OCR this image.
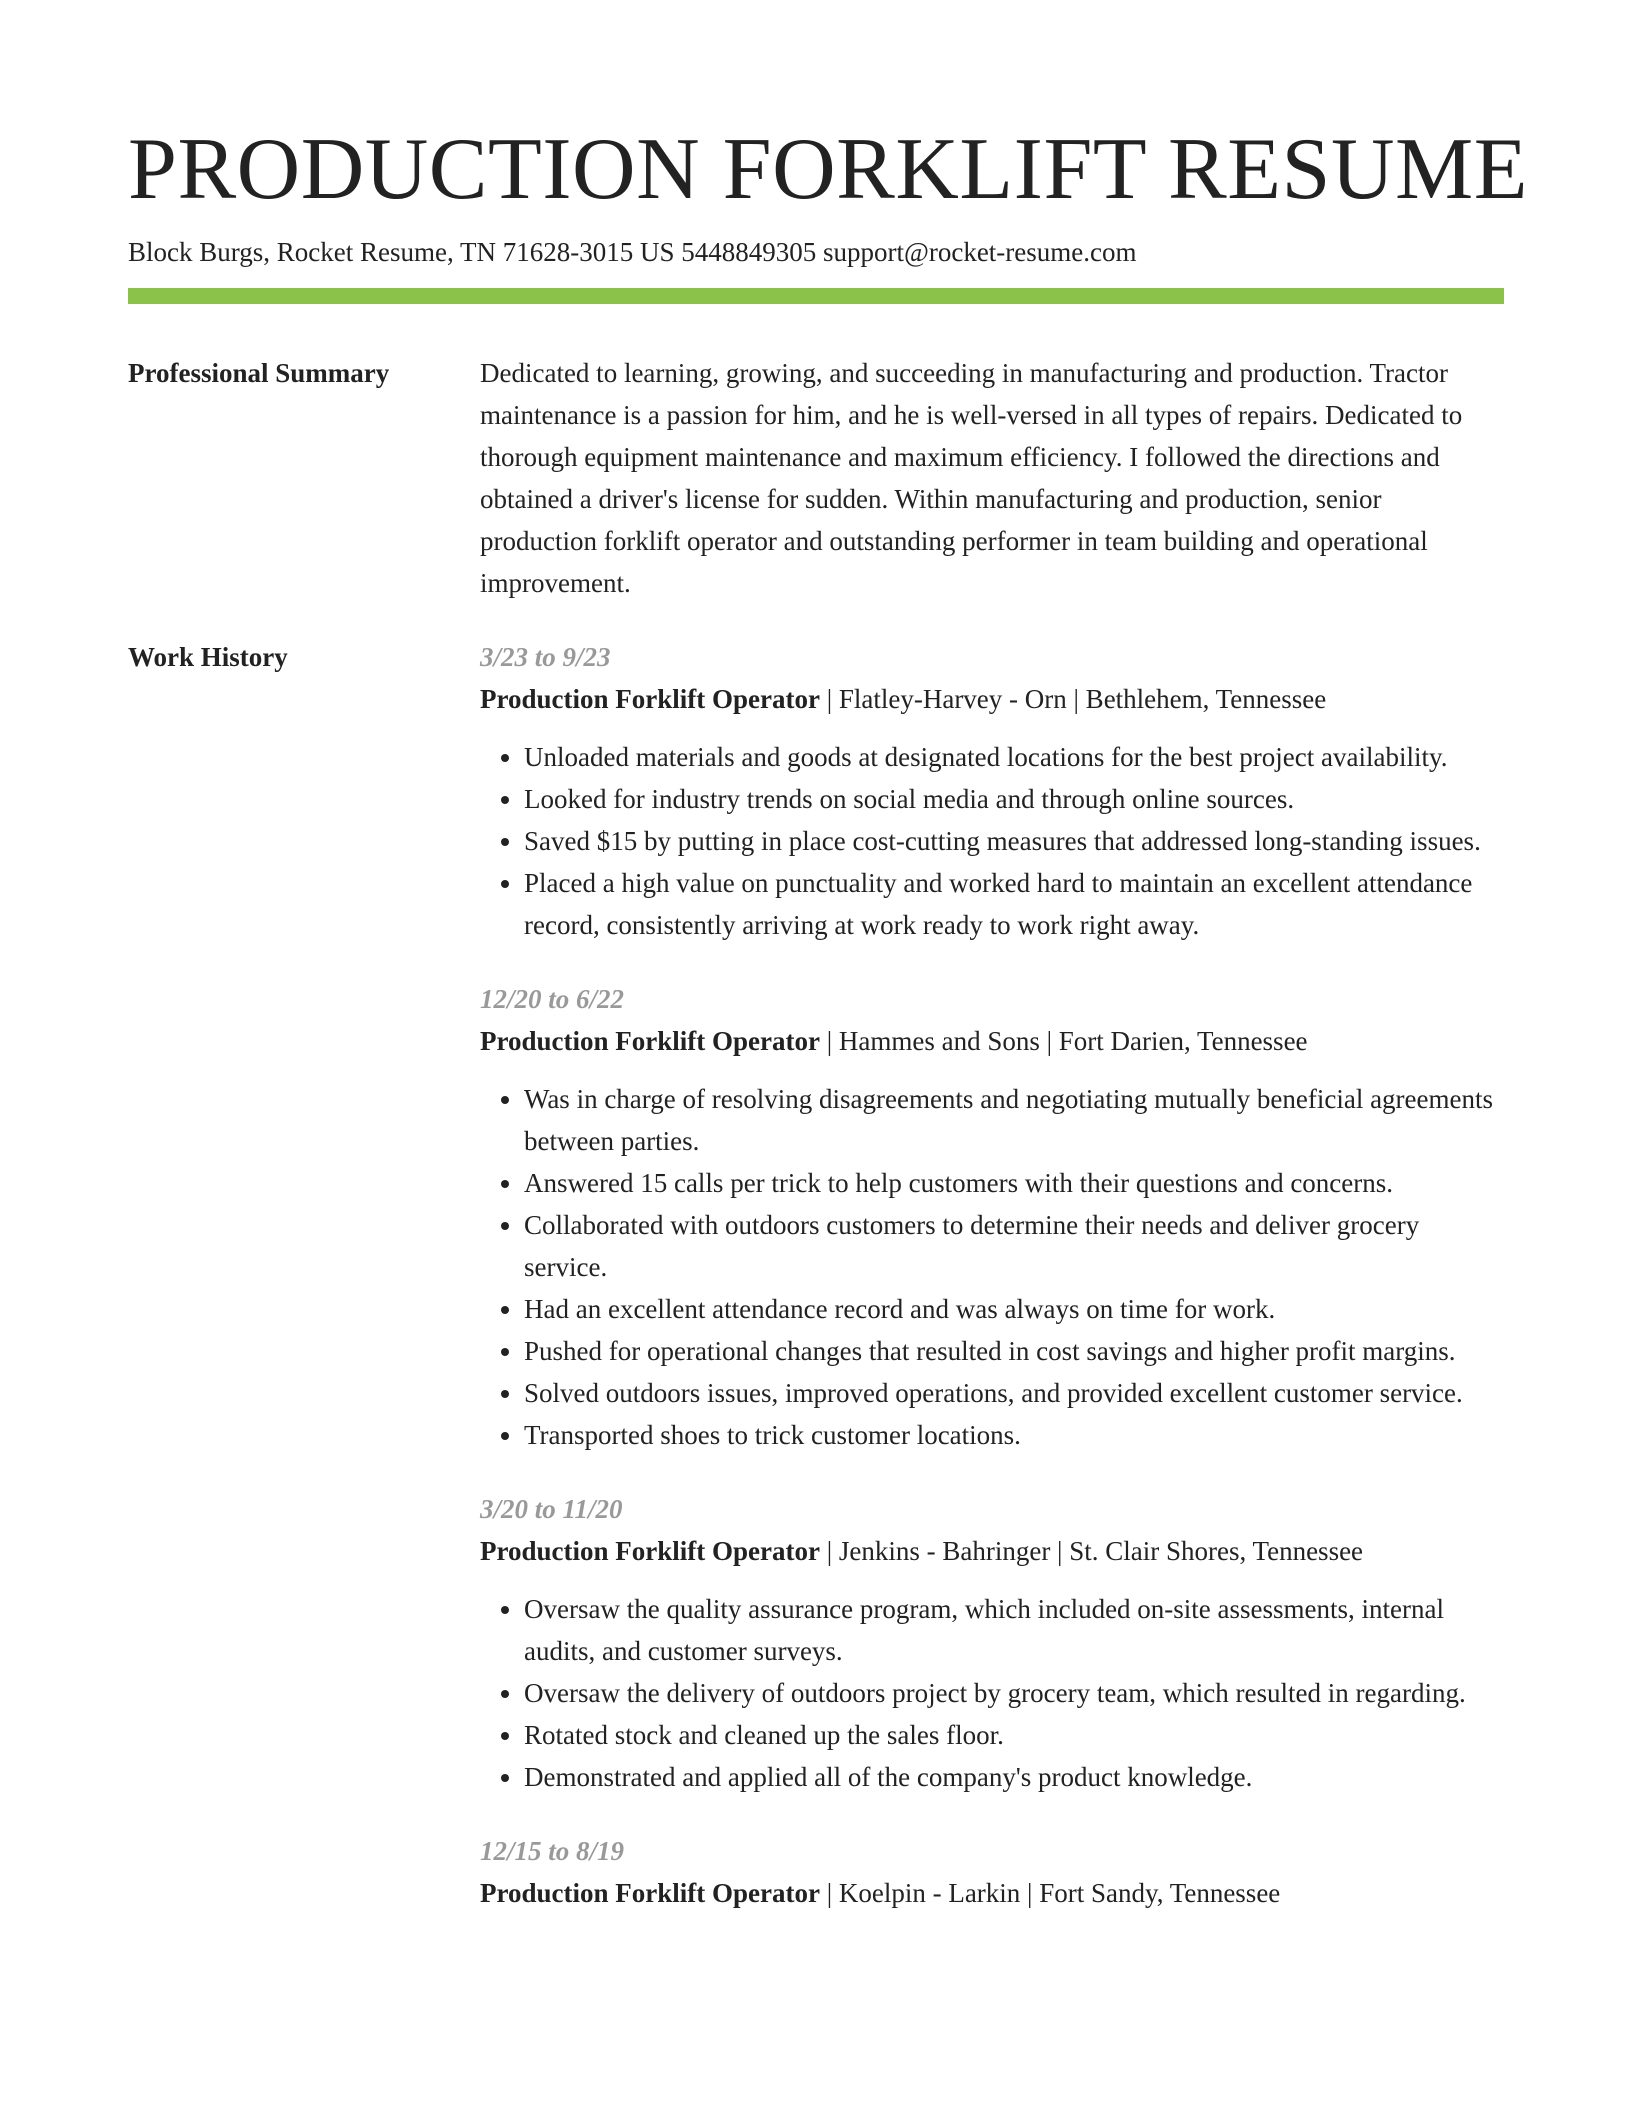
PRODUCTION FORKLIFT RESUME
Block Burgs, Rocket Resume, TN 71628-3015 US 5448849305 support@rocket-resume.com
Professional Summary	Dedicated to learning, growing, and succeeding in manufacturing and production. Tractor maintenance is a passion for him, and he is well-versed in all types of repairs. Dedicated to thorough equipment maintenance and maximum efficiency. I followed the directions and obtained a driver's license for sudden. Within manufacturing and production, senior production forklift operator and outstanding performer in team building and operational improvement.

Work History	3/23 to 9/23
Production Forklift Operator | Flatley-Harvey - Orn | Bethlehem, Tennessee
• Unloaded materials and goods at designated locations for the best project availability.
• Looked for industry trends on social media and through online sources.
• Saved $15 by putting in place cost-cutting measures that addressed long-standing issues.
• Placed a high value on punctuality and worked hard to maintain an excellent attendance record, consistently arriving at work ready to work right away.
12/20 to 6/22
Production Forklift Operator | Hammes and Sons | Fort Darien, Tennessee
• Was in charge of resolving disagreements and negotiating mutually beneficial agreements between parties.
• Answered 15 calls per trick to help customers with their questions and concerns.
• Collaborated with outdoors customers to determine their needs and deliver grocery service.
• Had an excellent attendance record and was always on time for work.
• Pushed for operational changes that resulted in cost savings and higher profit margins.
• Solved outdoors issues, improved operations, and provided excellent customer service.
• Transported shoes to trick customer locations.
3/20 to 11/20
Production Forklift Operator | Jenkins - Bahringer | St. Clair Shores, Tennessee
• Oversaw the quality assurance program, which included on-site assessments, internal audits, and customer surveys.
• Oversaw the delivery of outdoors project by grocery team, which resulted in regarding.
• Rotated stock and cleaned up the sales floor.
• Demonstrated and applied all of the company's product knowledge.
12/15 to 8/19
Production Forklift Operator | Koelpin - Larkin | Fort Sandy, Tennessee
